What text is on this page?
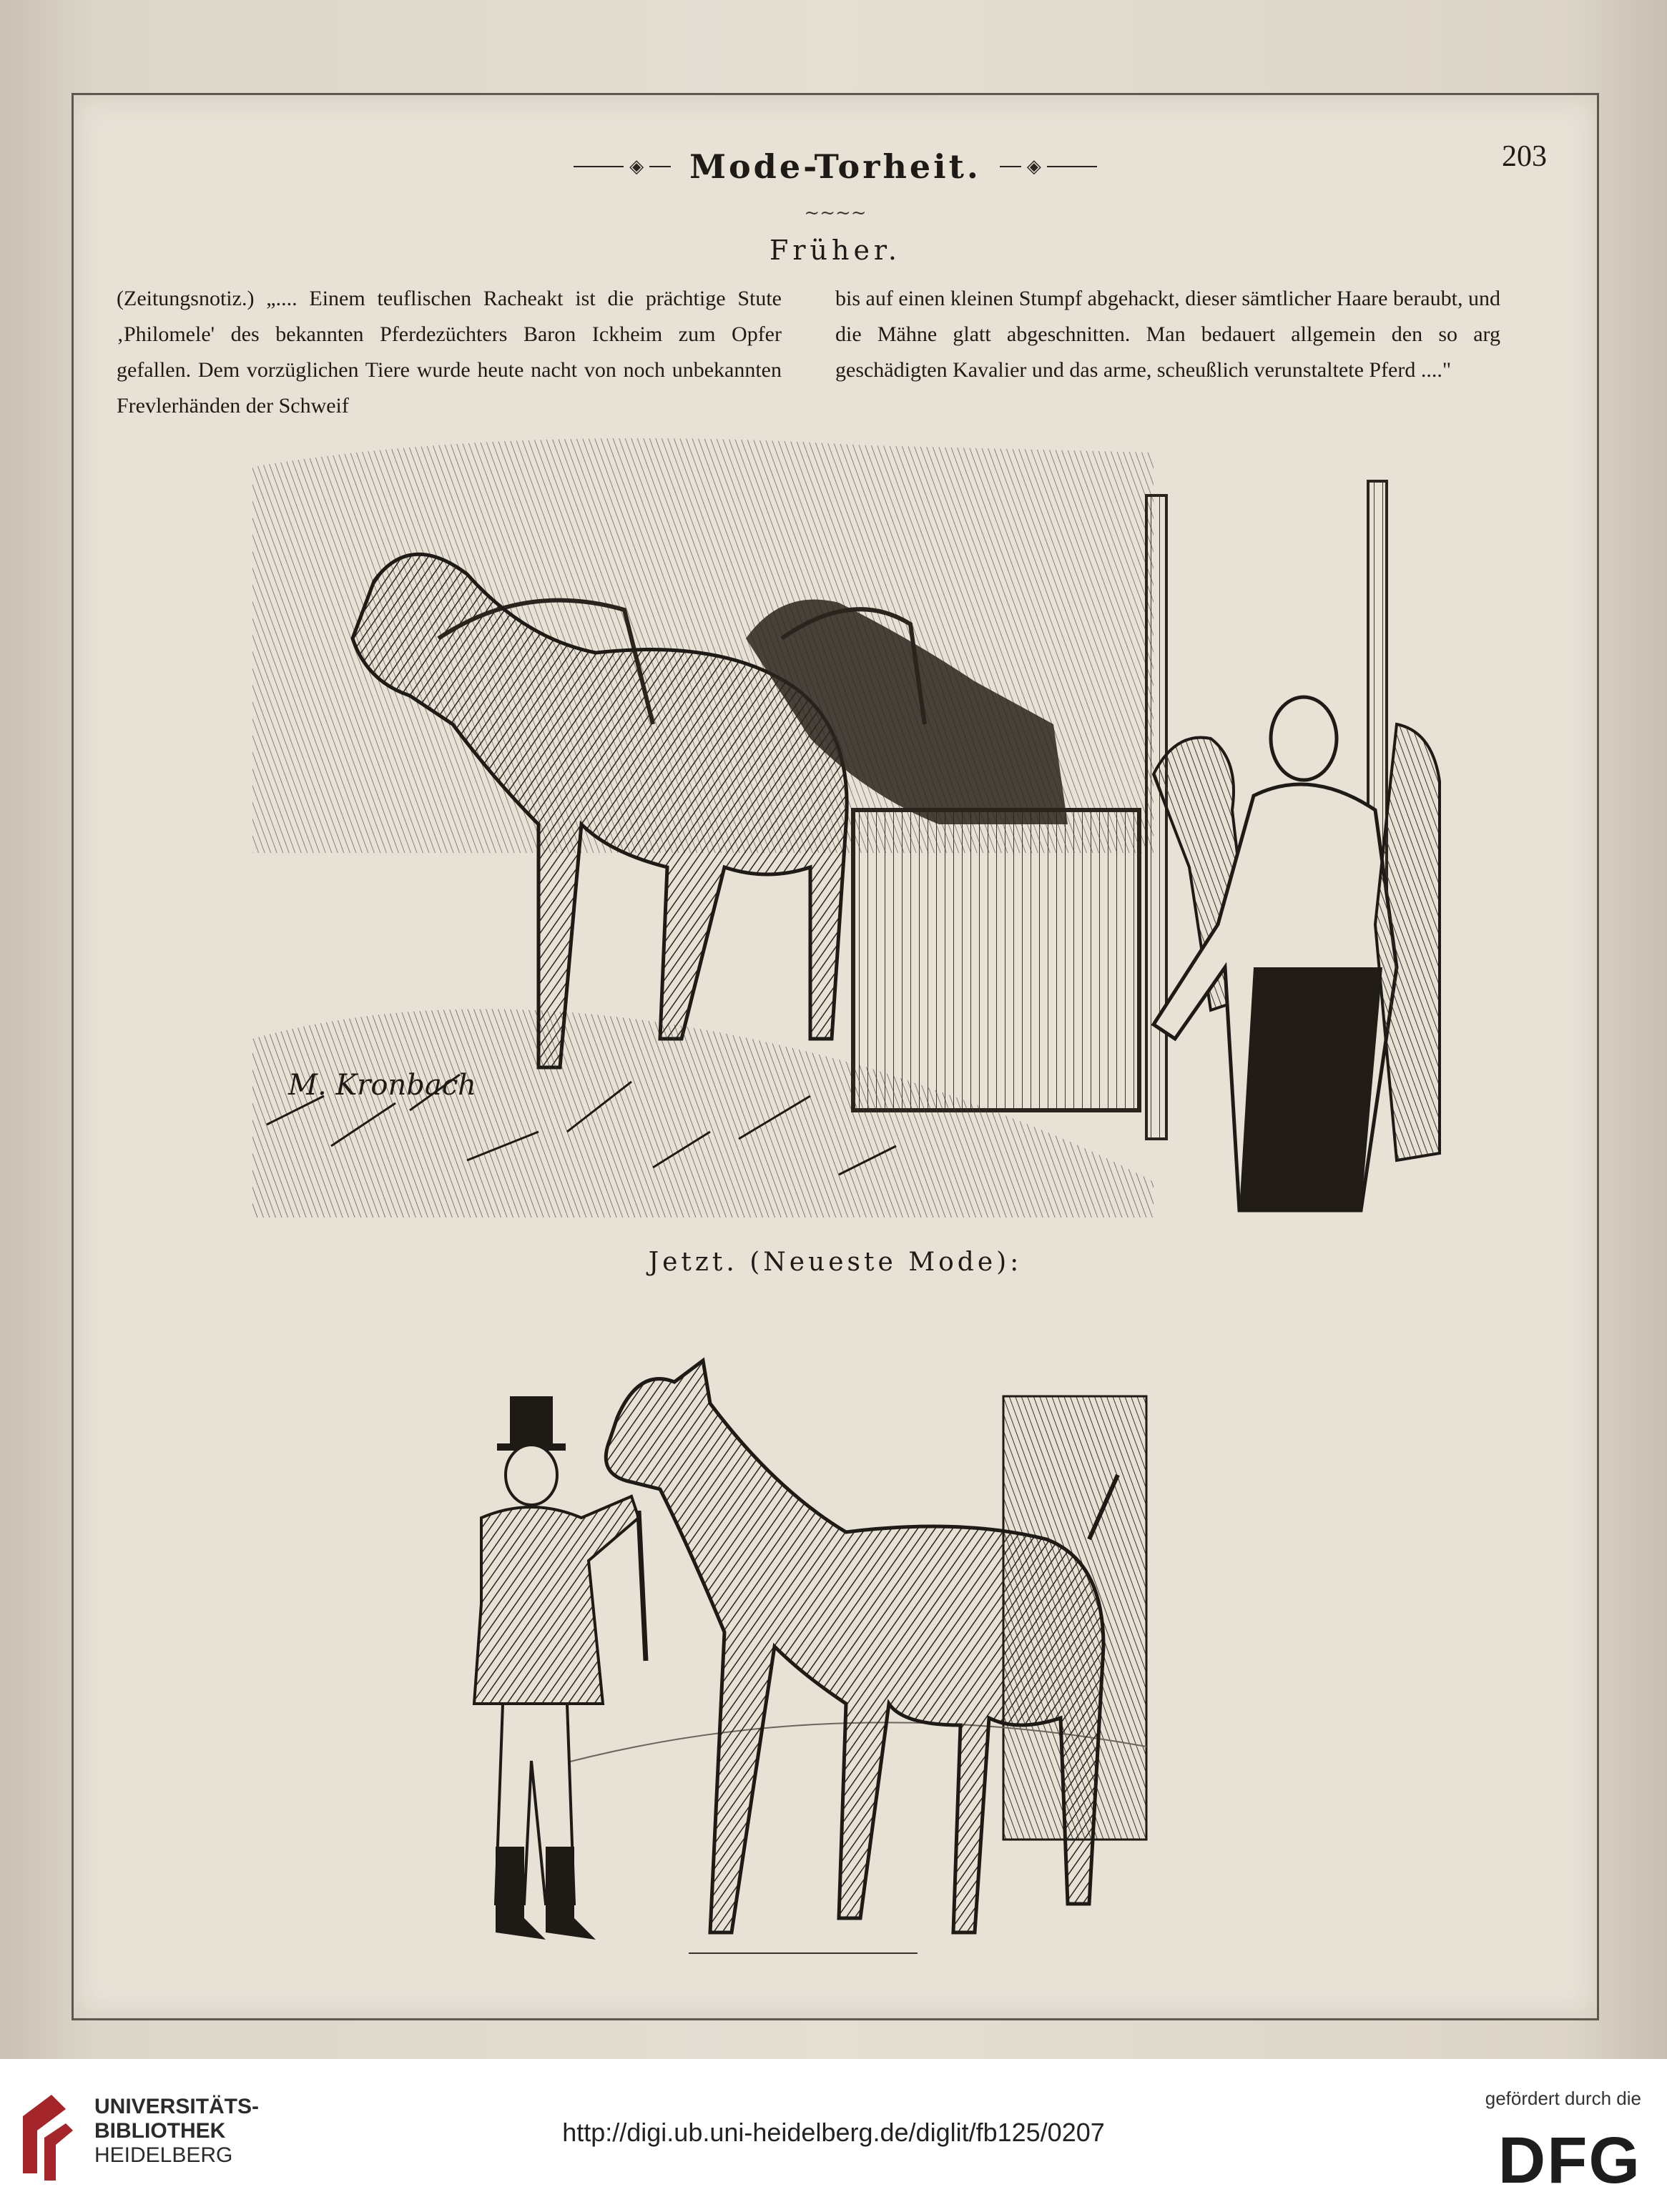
◈	Mode-Torheit.	◈	203
~~~~
Früher.
(Zeitungsnotiz.) „.... Einem teuflischen Racheakt ist die prächtige Stute ‚Philomele' des bekannten Pferdezüchters Baron Ickheim zum Opfer gefallen. Dem vorzüglichen Tiere wurde heute nacht von noch unbekannten Frevlerhänden der Schweif
bis auf einen kleinen Stumpf abgehackt, dieser sämtlicher Haare beraubt, und die Mähne glatt abgeschnitten. Man bedauert allgemein den so arg geschädigten Kavalier und das arme, scheußlich verunstaltete Pferd ...."
M. Kronbach
Jetzt. (Neueste Mode):
UNIVERSITÄTS-
BIBLIOTHEK
HEIDELBERG
http://digi.ub.uni-heidelberg.de/diglit/fb125/0207
gefördert durch die
DFG
